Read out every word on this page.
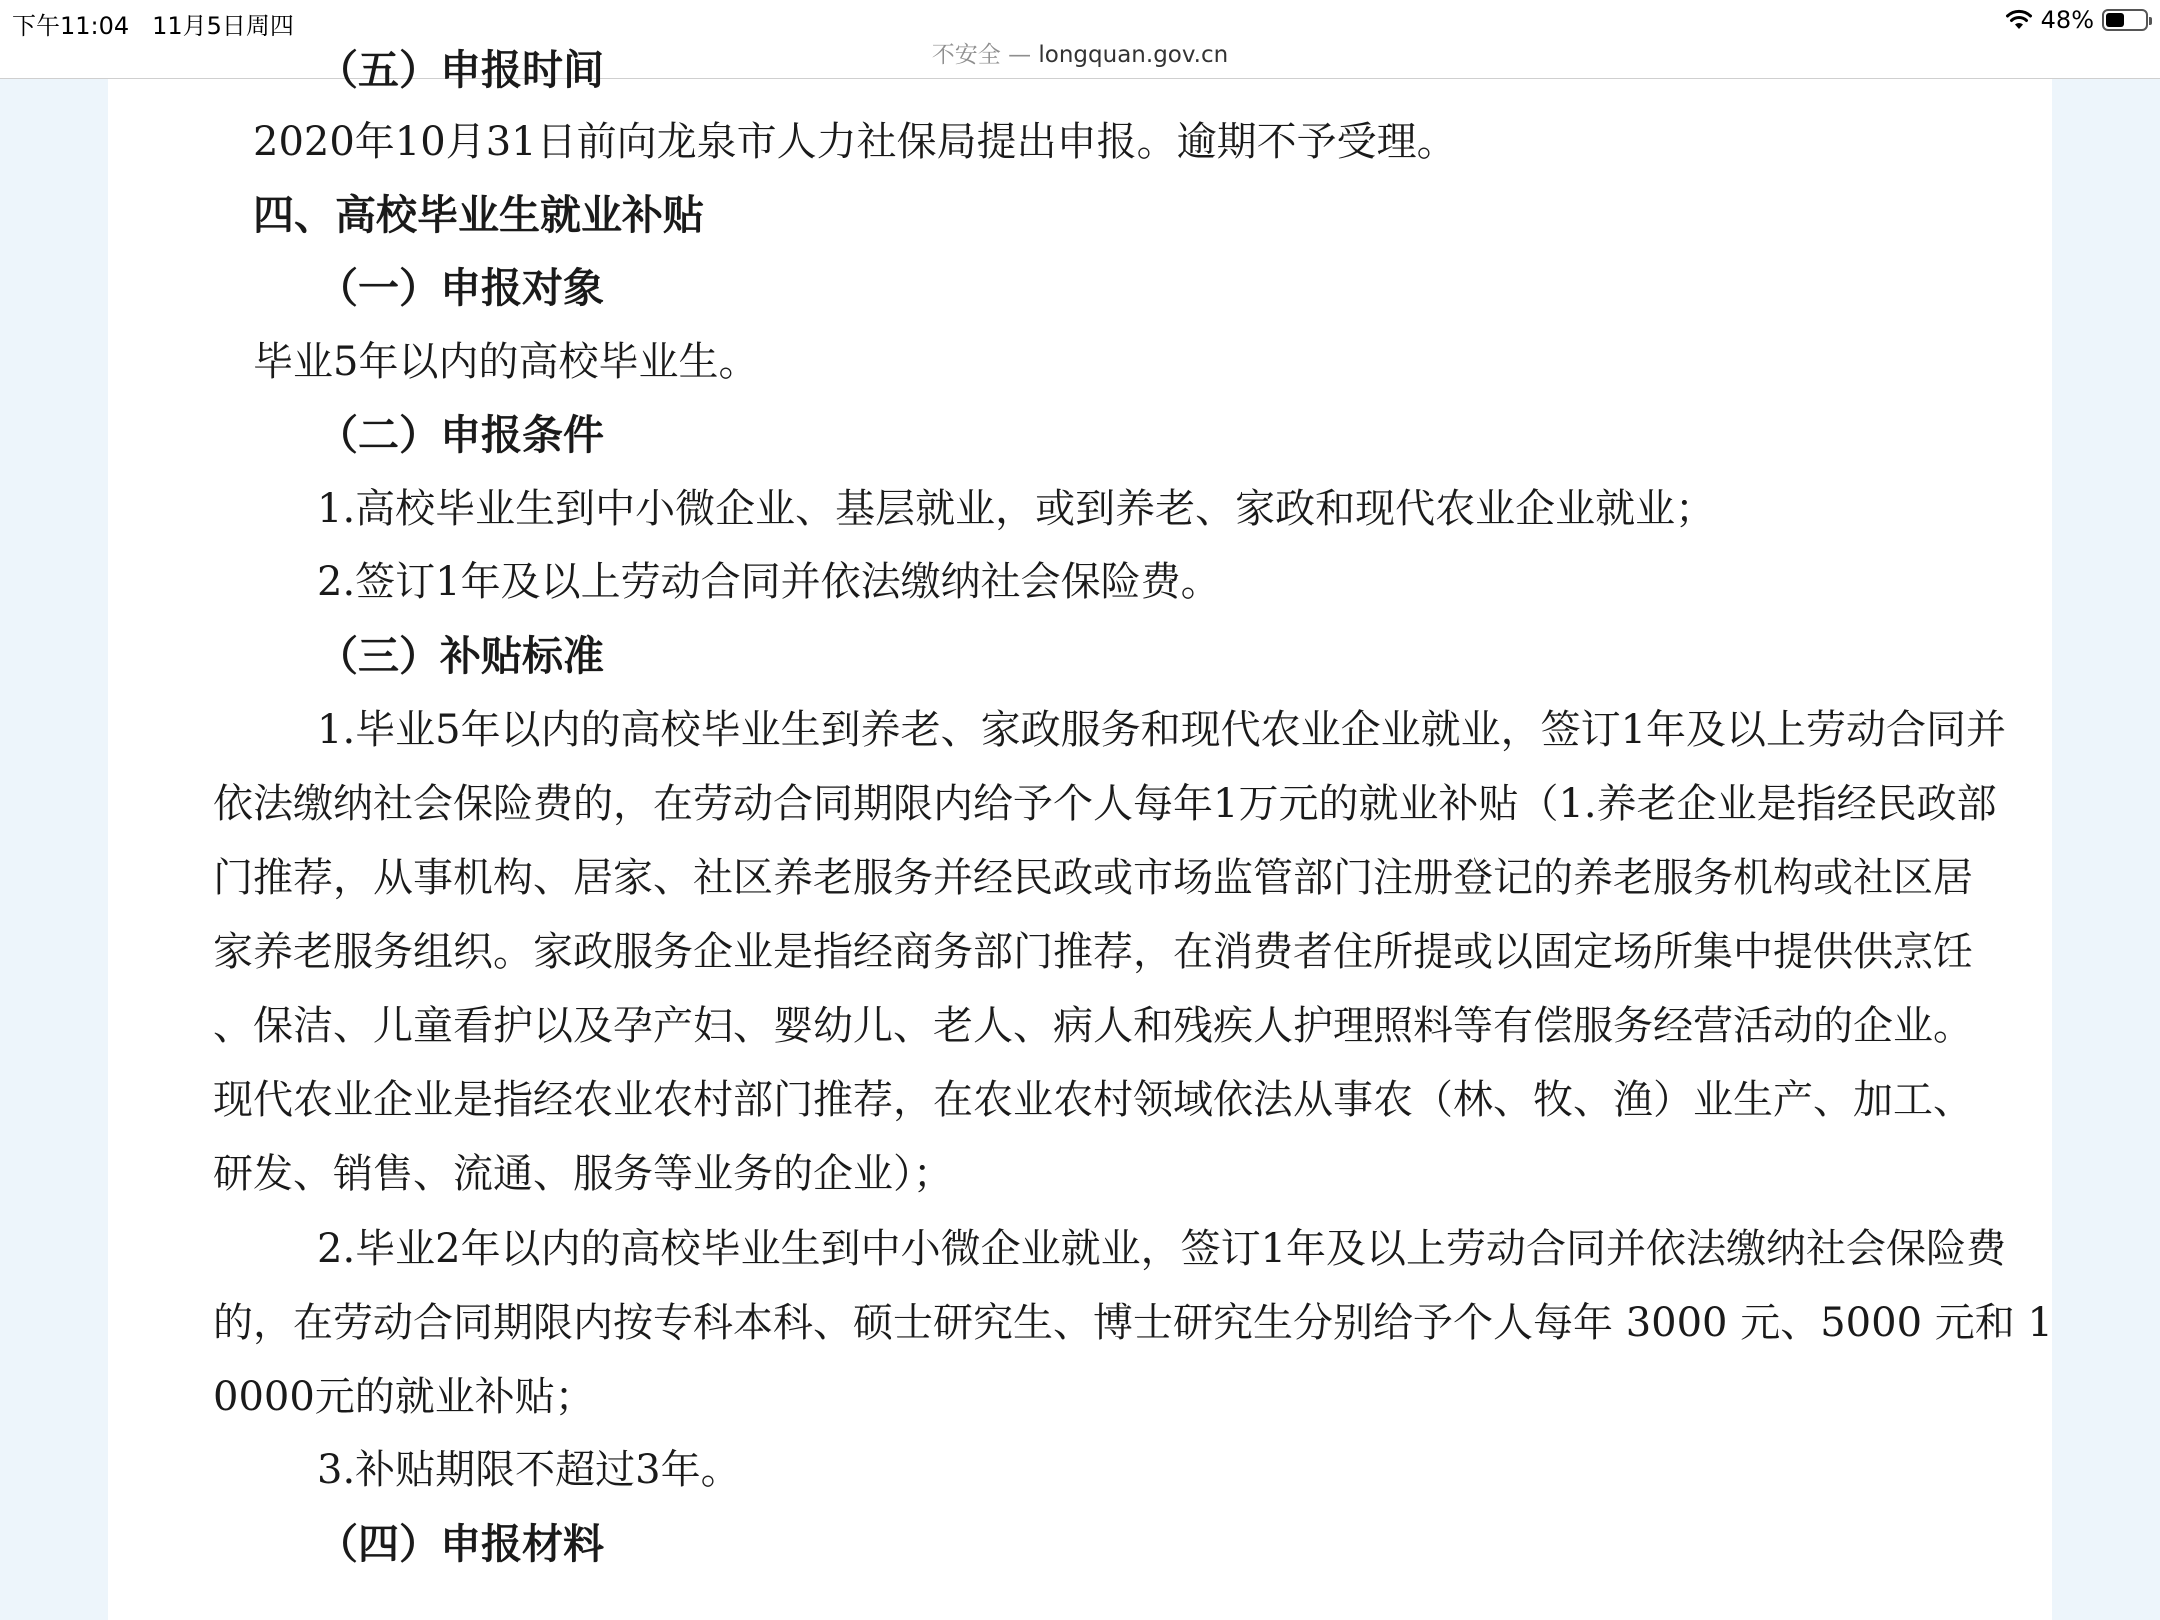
下午11:04 11月5日周四	48%
不安全 — longquan.gov.cn
（五）申报时间
2020年10月31日前向龙泉市人力社保局提出申报。逾期不予受理。
四、高校毕业生就业补贴
（一）申报对象
毕业5年以内的高校毕业生。
（二）申报条件
1.高校毕业生到中小微企业、基层就业，或到养老、家政和现代农业企业就业；
2.签订1年及以上劳动合同并依法缴纳社会保险费。
（三）补贴标准
1.毕业5年以内的高校毕业生到养老、家政服务和现代农业企业就业，签订1年及以上劳动合同并
依法缴纳社会保险费的，在劳动合同期限内给予个人每年1万元的就业补贴（1.养老企业是指经民政部
门推荐，从事机构、居家、社区养老服务并经民政或市场监管部门注册登记的养老服务机构或社区居
家养老服务组织。家政服务企业是指经商务部门推荐，在消费者住所提或以固定场所集中提供供烹饪
、保洁、儿童看护以及孕产妇、婴幼儿、老人、病人和残疾人护理照料等有偿服务经营活动的企业。
现代农业企业是指经农业农村部门推荐，在农业农村领域依法从事农（林、牧、渔）业生产、加工、
研发、销售、流通、服务等业务的企业）；
2.毕业2年以内的高校毕业生到中小微企业就业，签订1年及以上劳动合同并依法缴纳社会保险费
的，在劳动合同期限内按专科本科、硕士研究生、博士研究生分别给予个人每年 3000 元、5000 元和 1
0000元的就业补贴；
3.补贴期限不超过3年。
（四）申报材料
